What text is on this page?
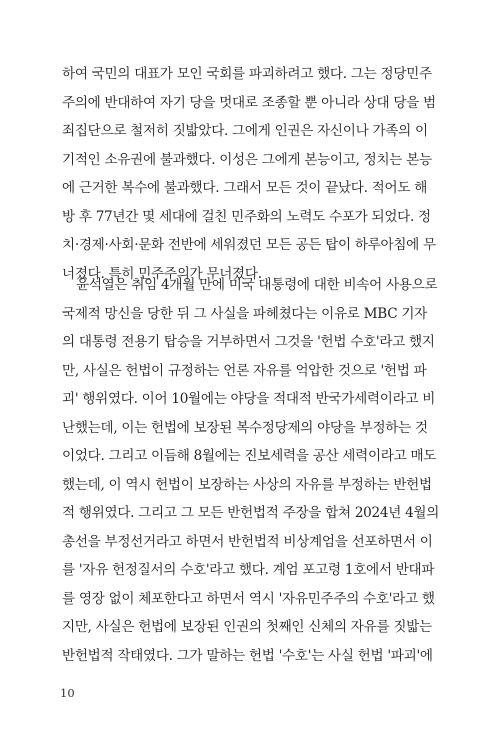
하여 국민의 대표가 모인 국회를 파괴하려고 했다. 그는 정당민주
주의에 반대하여 자기 당을 멋대로 조종할 뿐 아니라 상대 당을 범
죄집단으로 철저히 짓밟았다. 그에게 인권은 자신이나 가족의 이
기적인 소유권에 불과했다. 이성은 그에게 본능이고, 정치는 본능
에 근거한 복수에 불과했다. 그래서 모든 것이 끝났다. 적어도 해
방 후 77년간 몇 세대에 걸친 민주화의 노력도 수포가 되었다. 정
치·경제·사회·문화 전반에 세워졌던 모든 공든 탑이 하루아침에 무
너졌다. 특히 민주주의가 무너졌다.
윤석열은 취임 4개월 만에 미국 대통령에 대한 비속어 사용으로
국제적 망신을 당한 뒤 그 사실을 파헤쳤다는 이유로 MBC 기자
의 대통령 전용기 탑승을 거부하면서 그것을 '헌법 수호'라고 했지
만, 사실은 헌법이 규정하는 언론 자유를 억압한 것으로 '헌법 파
괴' 행위였다. 이어 10월에는 야당을 적대적 반국가세력이라고 비
난했는데, 이는 헌법에 보장된 복수정당제의 야당을 부정하는 것
이었다. 그리고 이듬해 8월에는 진보세력을 공산 세력이라고 매도
했는데, 이 역시 헌법이 보장하는 사상의 자유를 부정하는 반헌법
적 행위였다. 그리고 그 모든 반헌법적 주장을 합쳐 2024년 4월의
총선을 부정선거라고 하면서 반헌법적 비상계엄을 선포하면서 이
를 '자유 헌정질서의 수호'라고 했다. 계엄 포고령 1호에서 반대파
를 영장 없이 체포한다고 하면서 역시 '자유민주주의 수호'라고 했
지만, 사실은 헌법에 보장된 인권의 첫째인 신체의 자유를 짓밟는
반헌법적 작태였다. 그가 말하는 헌법 '수호'는 사실 헌법 '파괴'에
10
